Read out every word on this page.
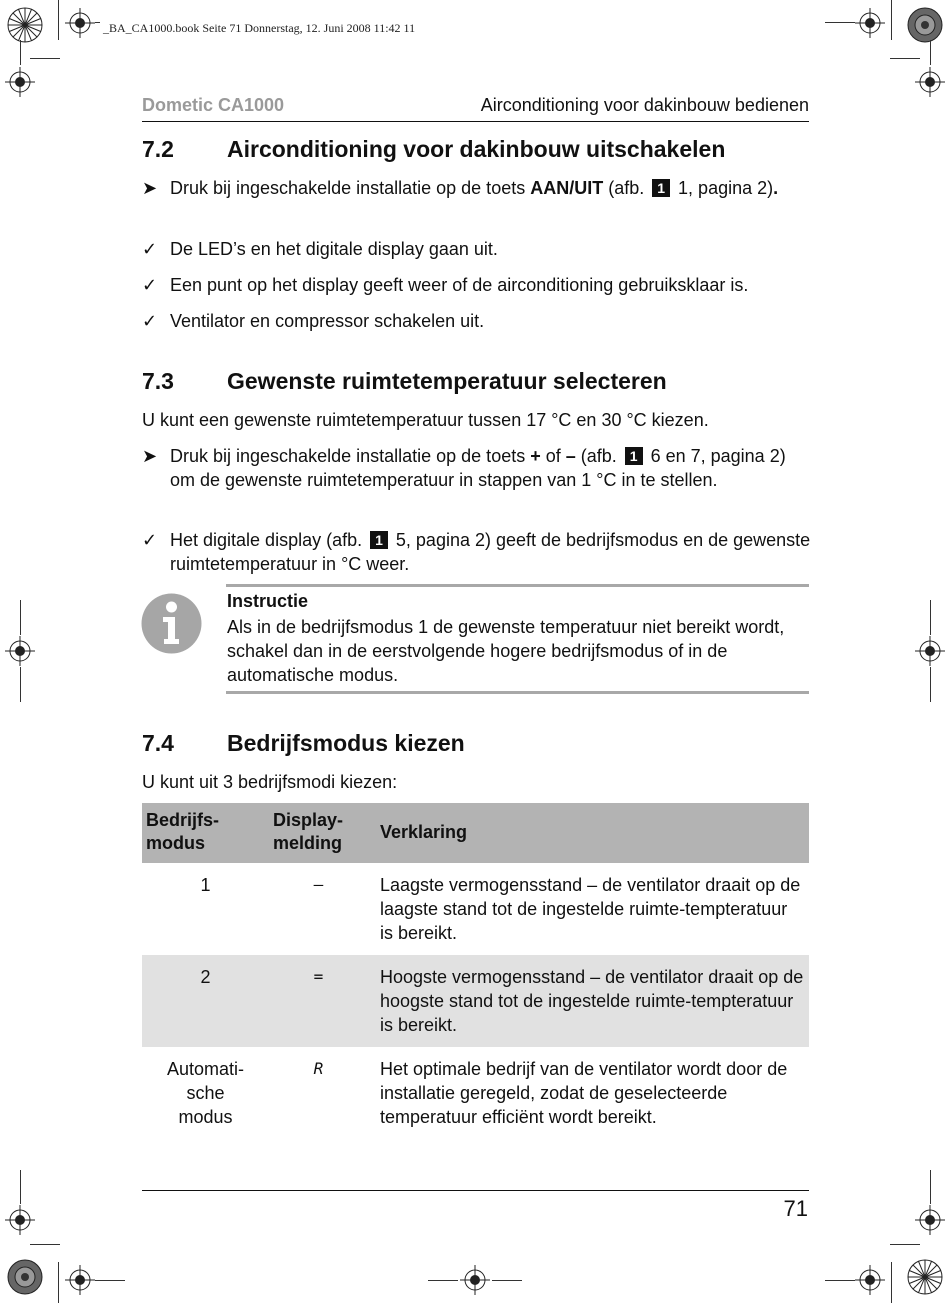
_BA_CA1000.book Seite 71 Donnerstag, 12. Juni 2008 11:42 11
Dometic CA1000	Airconditioning voor dakinbouw bedienen
7.2 Airconditioning voor dakinbouw uitschakelen
➤ Druk bij ingeschakelde installatie op de toets AAN/UIT (afb. 1 1, pagina 2).
✓ De LED’s en het digitale display gaan uit.
✓ Een punt op het display geeft weer of de airconditioning gebruiksklaar is.
✓ Ventilator en compressor schakelen uit.
7.3 Gewenste ruimtetemperatuur selecteren

U kunt een gewenste ruimtetemperatuur tussen 17 °C en 30 °C kiezen.

➤ Druk bij ingeschakelde installatie op de toets + of – (afb. 1 6 en 7, pagina 2) om de gewenste ruimtetemperatuur in stappen van 1 °C in te stellen.
✓ Het digitale display (afb. 1 5, pagina 2) geeft de bedrijfsmodus en de gewenste ruimtetemperatuur in °C weer.
Instructie
Als in de bedrijfsmodus 1 de gewenste temperatuur niet bereikt wordt, schakel dan in de eerstvolgende hogere bedrijfsmodus of in de automatische modus.
7.4 Bedrijfsmodus kiezen

U kunt uit 3 bedrijfsmodi kiezen:

Bedrijfs-
modus	Display-
melding	Verklaring
1	–	Laagste vermogensstand – de ventilator draait op de laagste stand tot de ingestelde ruimte-tempteratuur is bereikt.
2	=	Hoogste vermogensstand – de ventilator draait op de hoogste stand tot de ingestelde ruimte-tempteratuur is bereikt.
Automati-
sche
modus	R	Het optimale bedrijf van de ventilator wordt door de installatie geregeld, zodat de geselecteerde temperatuur efficiënt wordt bereikt.
71
